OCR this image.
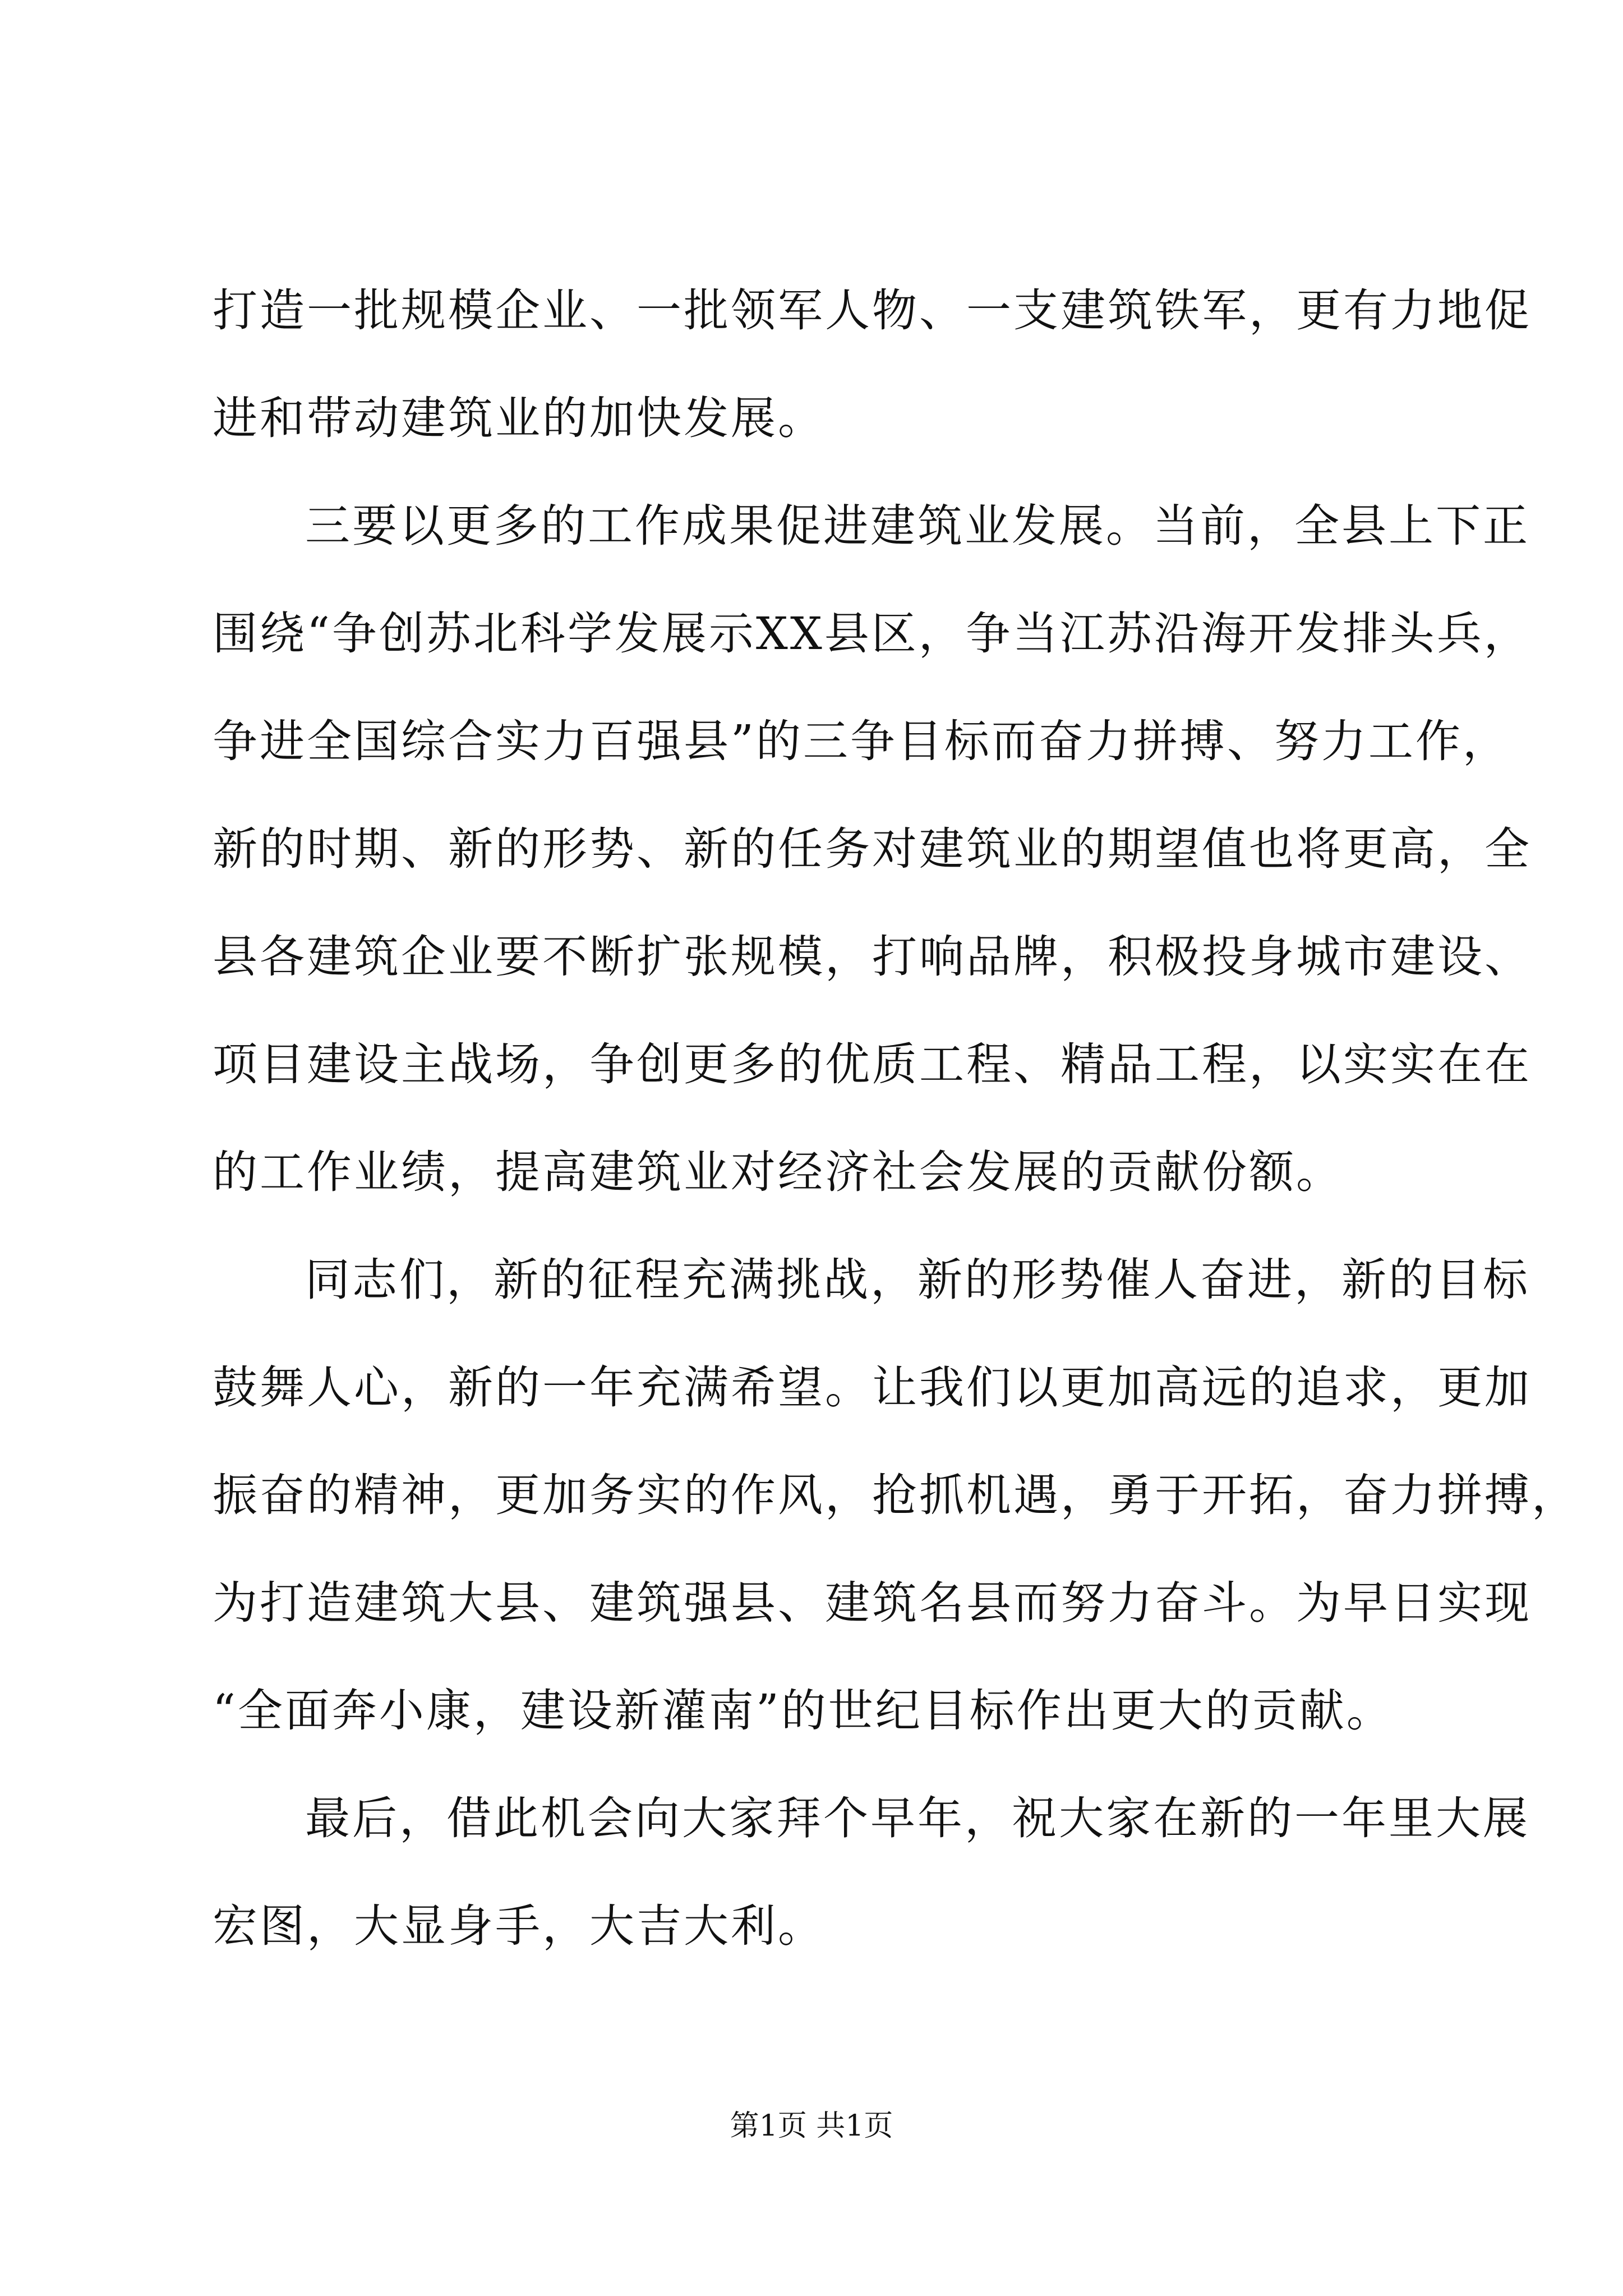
打造一批规模企业、一批领军人物、一支建筑铁军，更有力地促
进和带动建筑业的加快发展。
三要以更多的工作成果促进建筑业发展。当前，全县上下正
围绕“争创苏北科学发展示XX县区，争当江苏沿海开发排头兵，
争进全国综合实力百强县”的三争目标而奋力拼搏、努力工作，
新的时期、新的形势、新的任务对建筑业的期望值也将更高，全
县各建筑企业要不断扩张规模，打响品牌，积极投身城市建设、
项目建设主战场，争创更多的优质工程、精品工程，以实实在在
的工作业绩，提高建筑业对经济社会发展的贡献份额。
同志们，新的征程充满挑战，新的形势催人奋进，新的目标
鼓舞人心，新的一年充满希望。让我们以更加高远的追求，更加
振奋的精神，更加务实的作风，抢抓机遇，勇于开拓，奋力拼搏，
为打造建筑大县、建筑强县、建筑名县而努力奋斗。为早日实现
“全面奔小康，建设新灌南”的世纪目标作出更大的贡献。
最后，借此机会向大家拜个早年，祝大家在新的一年里大展
宏图，大显身手，大吉大利。
第1页 共1页
